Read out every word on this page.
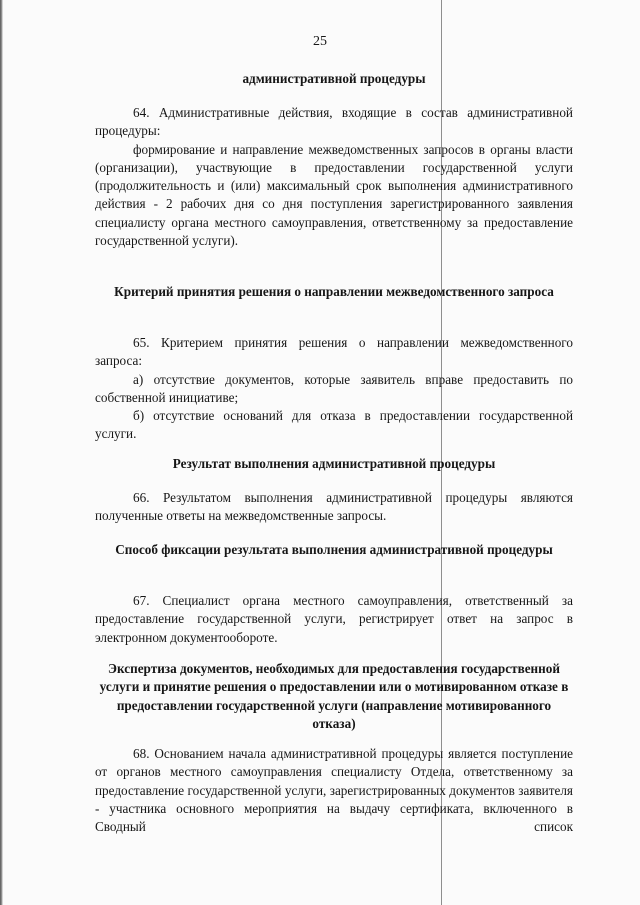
25
административной процедуры

64. Административные действия, входящие в состав административной процедуры:

формирование и направление межведомственных запросов в органы власти (организации), участвующие в предоставлении государственной услуги (продолжительность и (или) максимальный срок выполнения административного действия - 2 рабочих дня со дня поступления зарегистрированного заявления специалисту органа местного самоуправления, ответственному за предоставление государственной услуги).

Критерий принятия решения о направлении межведомственного запроса

65. Критерием принятия решения о направлении межведомственного запроса:

а) отсутствие документов, которые заявитель вправе предоставить по собственной инициативе;

б) отсутствие оснований для отказа в предоставлении государственной услуги.

Результат выполнения административной процедуры

66. Результатом выполнения административной процедуры являются полученные ответы на межведомственные запросы.

Способ фиксации результата выполнения административной процедуры

67. Специалист органа местного самоуправления, ответственный за предоставление государственной услуги, регистрирует ответ на запрос в электронном документообороте.

Экспертиза документов, необходимых для предоставления государственной услуги и принятие решения о предоставлении или о мотивированном отказе в предоставлении государственной услуги (направление мотивированного отказа)

68. Основанием начала административной процедуры является поступление от органов местного самоуправления специалисту Отдела, ответственному за предоставление государственной услуги, зарегистрированных документов заявителя - участника основного мероприятия на выдачу сертификата, включенного в Сводный список
